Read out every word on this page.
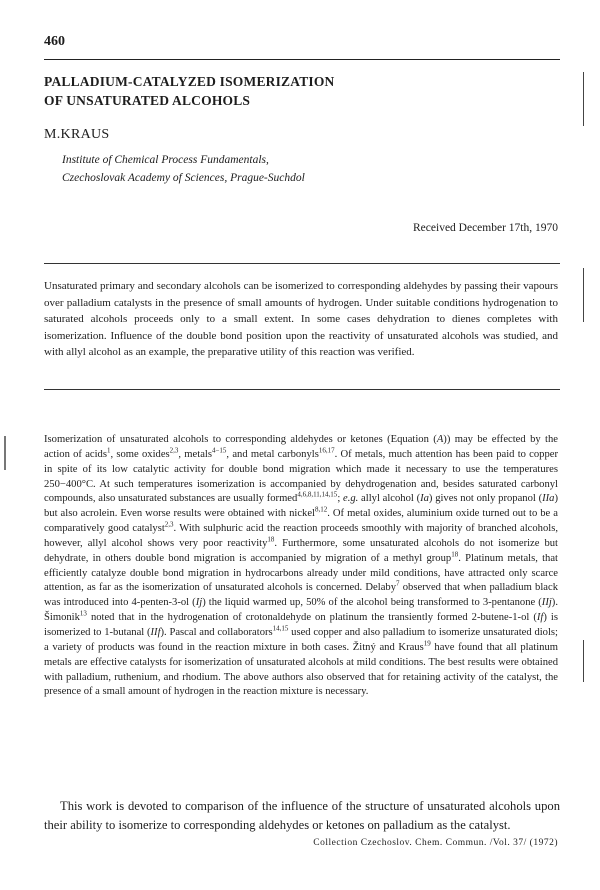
460
PALLADIUM-CATALYZED ISOMERIZATION
OF UNSATURATED ALCOHOLS
M.KRAUS
Institute of Chemical Process Fundamentals,
Czechoslovak Academy of Sciences, Prague-Suchdol
Received December 17th, 1970
Unsaturated primary and secondary alcohols can be isomerized to corresponding aldehydes by passing their vapours over palladium catalysts in the presence of small amounts of hydrogen. Under suitable conditions hydrogenation to saturated alcohols proceeds only to a small extent. In some cases dehydration to dienes completes with isomerization. Influence of the double bond position upon the reactivity of unsaturated alcohols was studied, and with allyl alcohol as an example, the preparative utility of this reaction was verified.
Isomerization of unsaturated alcohols to corresponding aldehydes or ketones (Equation (A)) may be effected by the action of acids$^1$, some oxides$^{2,3}$, metals$^{4-15}$, and metal carbonyls$^{16,17}$. Of metals, much attention has been paid to copper in spite of its low catalytic activity for double bond migration which made it necessary to use the temperatures 250−400°C. At such temperatures isomerization is accompanied by dehydrogenation and, besides saturated carbonyl compounds, also unsaturated substances are usually formed$^{4,6,8,11,14,15}$; e.g. allyl alcohol (Ia) gives not only propanol (IIa) but also acrolein. Even worse results were obtained with nickel$^{8,12}$. Of metal oxides, aluminium oxide turned out to be a comparatively good catalyst$^{2,3}$. With sulphuric acid the reaction proceeds smoothly with majority of branched alcohols, however, allyl alcohol shows very poor reactivity$^{18}$. Furthermore, some unsaturated alcohols do not isomerize but dehydrate, in others double bond migration is accompanied by migration of a methyl group$^{18}$. Platinum metals, that efficiently catalyze double bond migration in hydrocarbons already under mild conditions, have attracted only scarce attention, as far as the isomerization of unsaturated alcohols is concerned. Delaby$^7$ observed that when palladium black was introduced into 4-penten-3-ol (Ij) the liquid warmed up, 50% of the alcohol being transformed to 3-pentanone (IIj). Šimonik$^{13}$ noted that in the hydrogenation of crotonaldehyde on platinum the transiently formed 2-butene-1-ol (If) is isomerized to 1-butanal (IIf). Pascal and collaborators$^{14,15}$ used copper and also palladium to isomerize unsaturated diols; a variety of products was found in the reaction mixture in both cases. Žitný and Kraus$^{19}$ have found that all platinum metals are effective catalysts for isomerization of unsaturated alcohols at mild conditions. The best results were obtained with palladium, ruthenium, and rhodium. The above authors also observed that for retaining activity of the catalyst, the presence of a small amount of hydrogen in the reaction mixture is necessary.
This work is devoted to comparison of the influence of the structure of unsaturated alcohols upon their ability to isomerize to corresponding aldehydes or ketones on palladium as the catalyst.
Collection Czechoslov. Chem. Commun. /Vol. 37/ (1972)
